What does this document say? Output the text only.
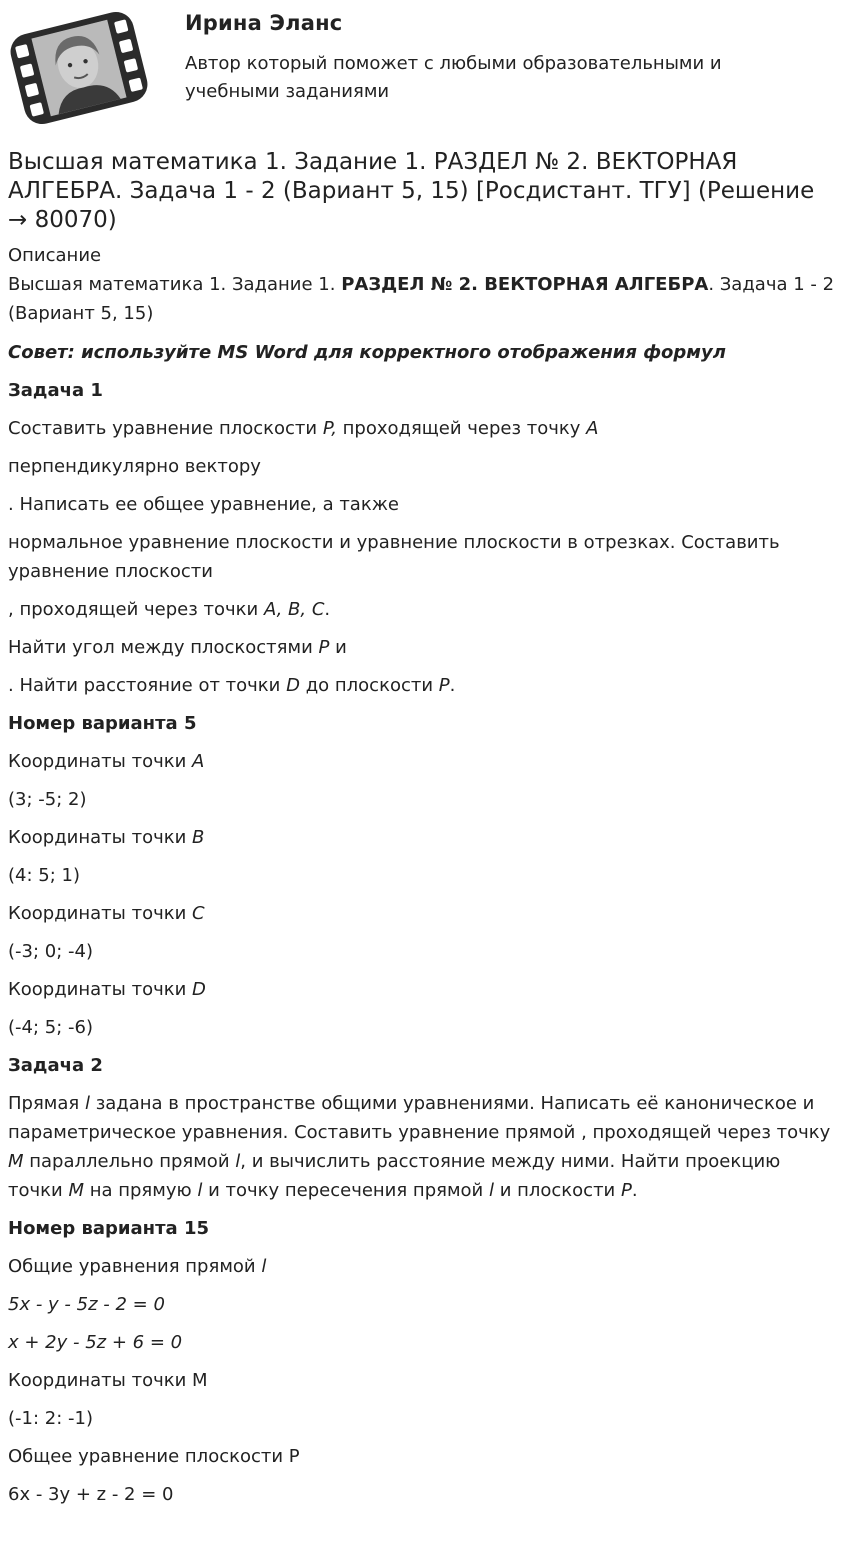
Ирина Эланс
Автор который поможет с любыми образовательными и учебными заданиями
Высшая математика 1. Задание 1. РАЗДЕЛ № 2. ВЕКТОРНАЯ АЛГЕБРА. Задача 1 - 2 (Вариант 5, 15) [Росдистант. ТГУ] (Решение → 80070)
Описание

Высшая математика 1. Задание 1. РАЗДЕЛ № 2. ВЕКТОРНАЯ АЛГЕБРА. Задача 1 - 2 (Вариант 5, 15)

Совет: используйте MS Word для корректного отображения формул

Задача 1

Составить уравнение плоскости P, проходящей через точку A

перпендикулярно вектору

. Написать ее общее уравнение, а также

нормальное уравнение плоскости и уравнение плоскости в отрезках. Составить уравнение плоскости

, проходящей через точки A, B, C.

Найти угол между плоскостями P и

. Найти расстояние от точки D до плоскости P.

Номер варианта 5

Координаты точки A

(3; -5; 2)

Координаты точки B

(4: 5; 1)

Координаты точки C

(-3; 0; -4)

Координаты точки D

(-4; 5; -6)

Задача 2

Прямая l задана в пространстве общими уравнениями. Написать её каноническое и параметрическое уравнения. Составить уравнение прямой , проходящей через точку M параллельно прямой l, и вычислить расстояние между ними. Найти проекцию точки M на прямую l и точку пересечения прямой l и плоскости P.

Номер варианта 15

Общие уравнения прямой l

5x - y - 5z - 2 = 0

x + 2y - 5z + 6 = 0

Координаты точки M

(-1: 2: -1)

Общее уравнение плоскости P

6x - 3y + z - 2 = 0
